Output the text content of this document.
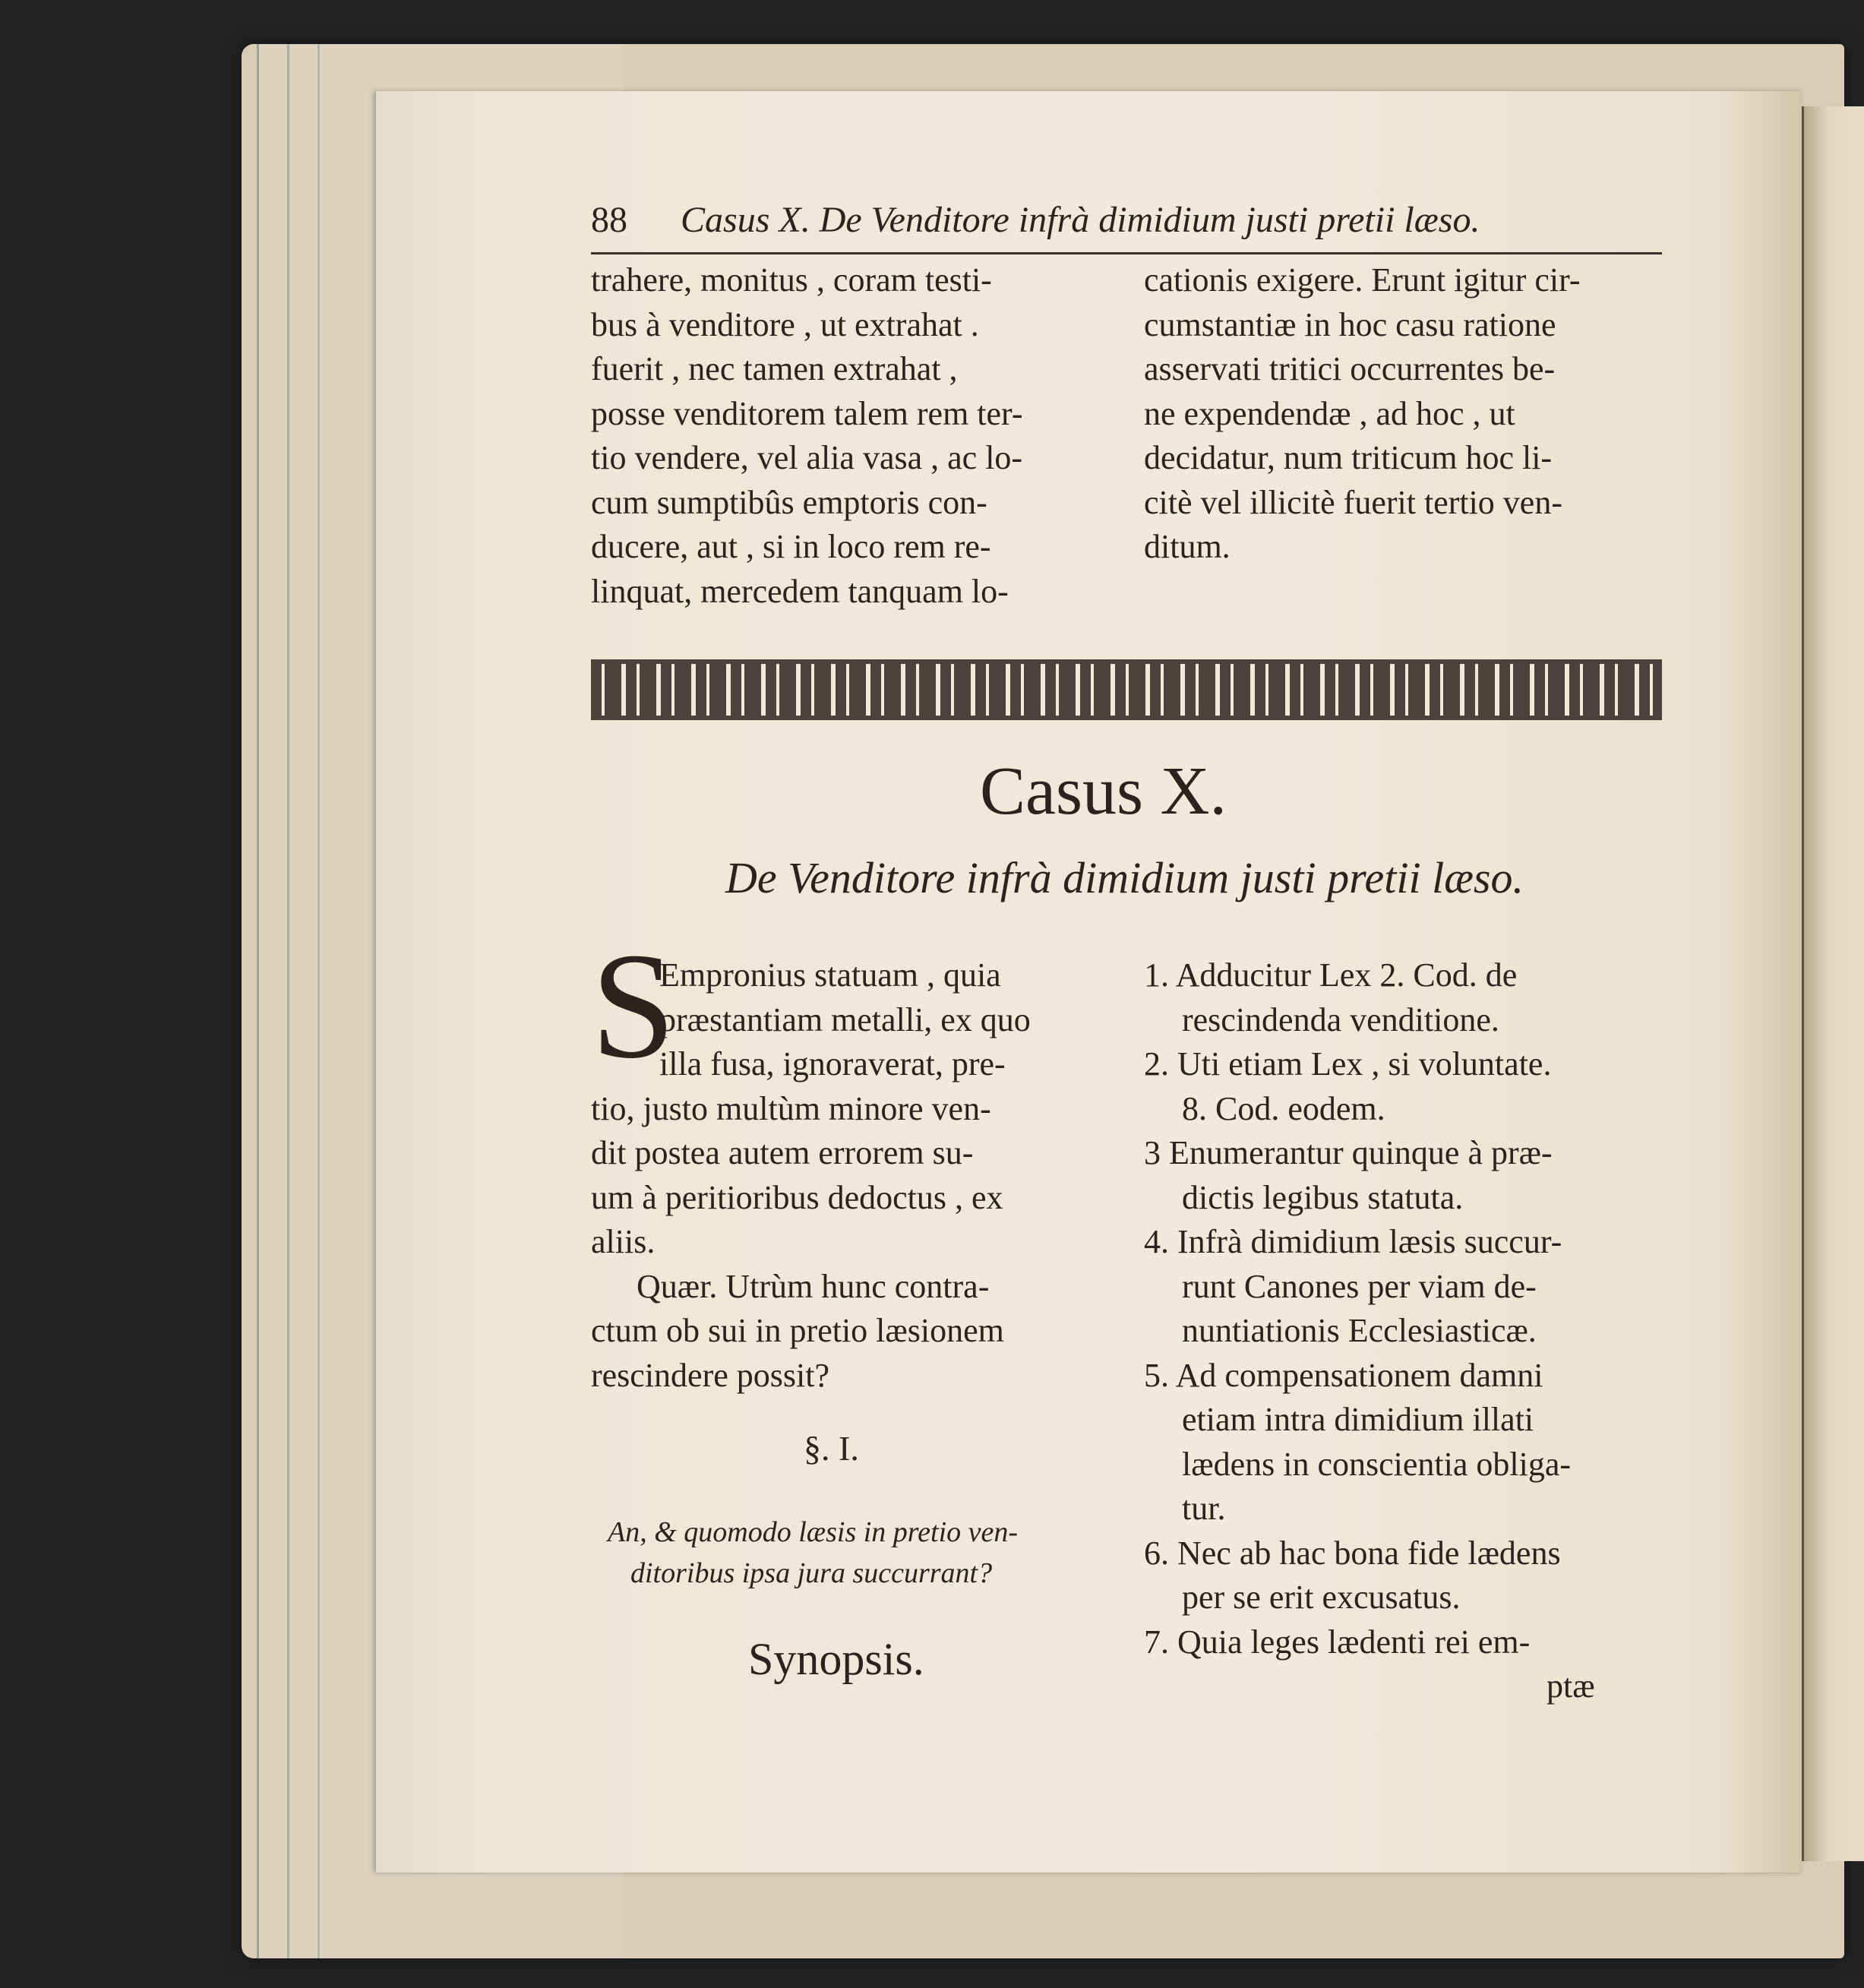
88 Casus X. De Venditore infrà dimidium justi pretii læso.
trahere, monitus , coram testi-
bus à venditore , ut extrahat .
fuerit , nec tamen extrahat ,
posse venditorem talem rem ter-
tio vendere, vel alia vasa , ac lo-
cum sumptibûs emptoris con-
ducere, aut , si in loco rem re-
linquat, mercedem tanquam lo-
cationis exigere. Erunt igitur cir-
cumstantiæ in hoc casu ratione
asservati tritici occurrentes be-
ne expendendæ , ad hoc , ut
decidatur, num triticum hoc li-
citè vel illicitè fuerit tertio ven-
ditum.
Casus X.
De Venditore infrà dimidium justi pretii læso.
S
Empronius statuam , quia
præstantiam metalli, ex quo
illa fusa, ignoraverat, pre-
tio, justo multùm minore ven-
dit postea autem errorem su-
um à peritioribus dedoctus , ex
aliis.
Quær. Utrùm hunc contra-
ctum ob sui in pretio læsionem
rescindere possit?
§. I.
An, & quomodo læsis in pretio ven-
ditoribus ipsa jura succurrant?
Synopsis.
1. Adducitur Lex 2. Cod. de
rescindenda venditione.
2. Uti etiam Lex , si voluntate.
8. Cod. eodem.
3 Enumerantur quinque à præ-
dictis legibus statuta.
4. Infrà dimidium læsis succur-
runt Canones per viam de-
nuntiationis Ecclesiasticæ.
5. Ad compensationem damni
etiam intra dimidium illati
lædens in conscientia obliga-
tur.
6. Nec ab hac bona fide lædens
per se erit excusatus.
7. Quia leges lædenti rei em-
ptæ
